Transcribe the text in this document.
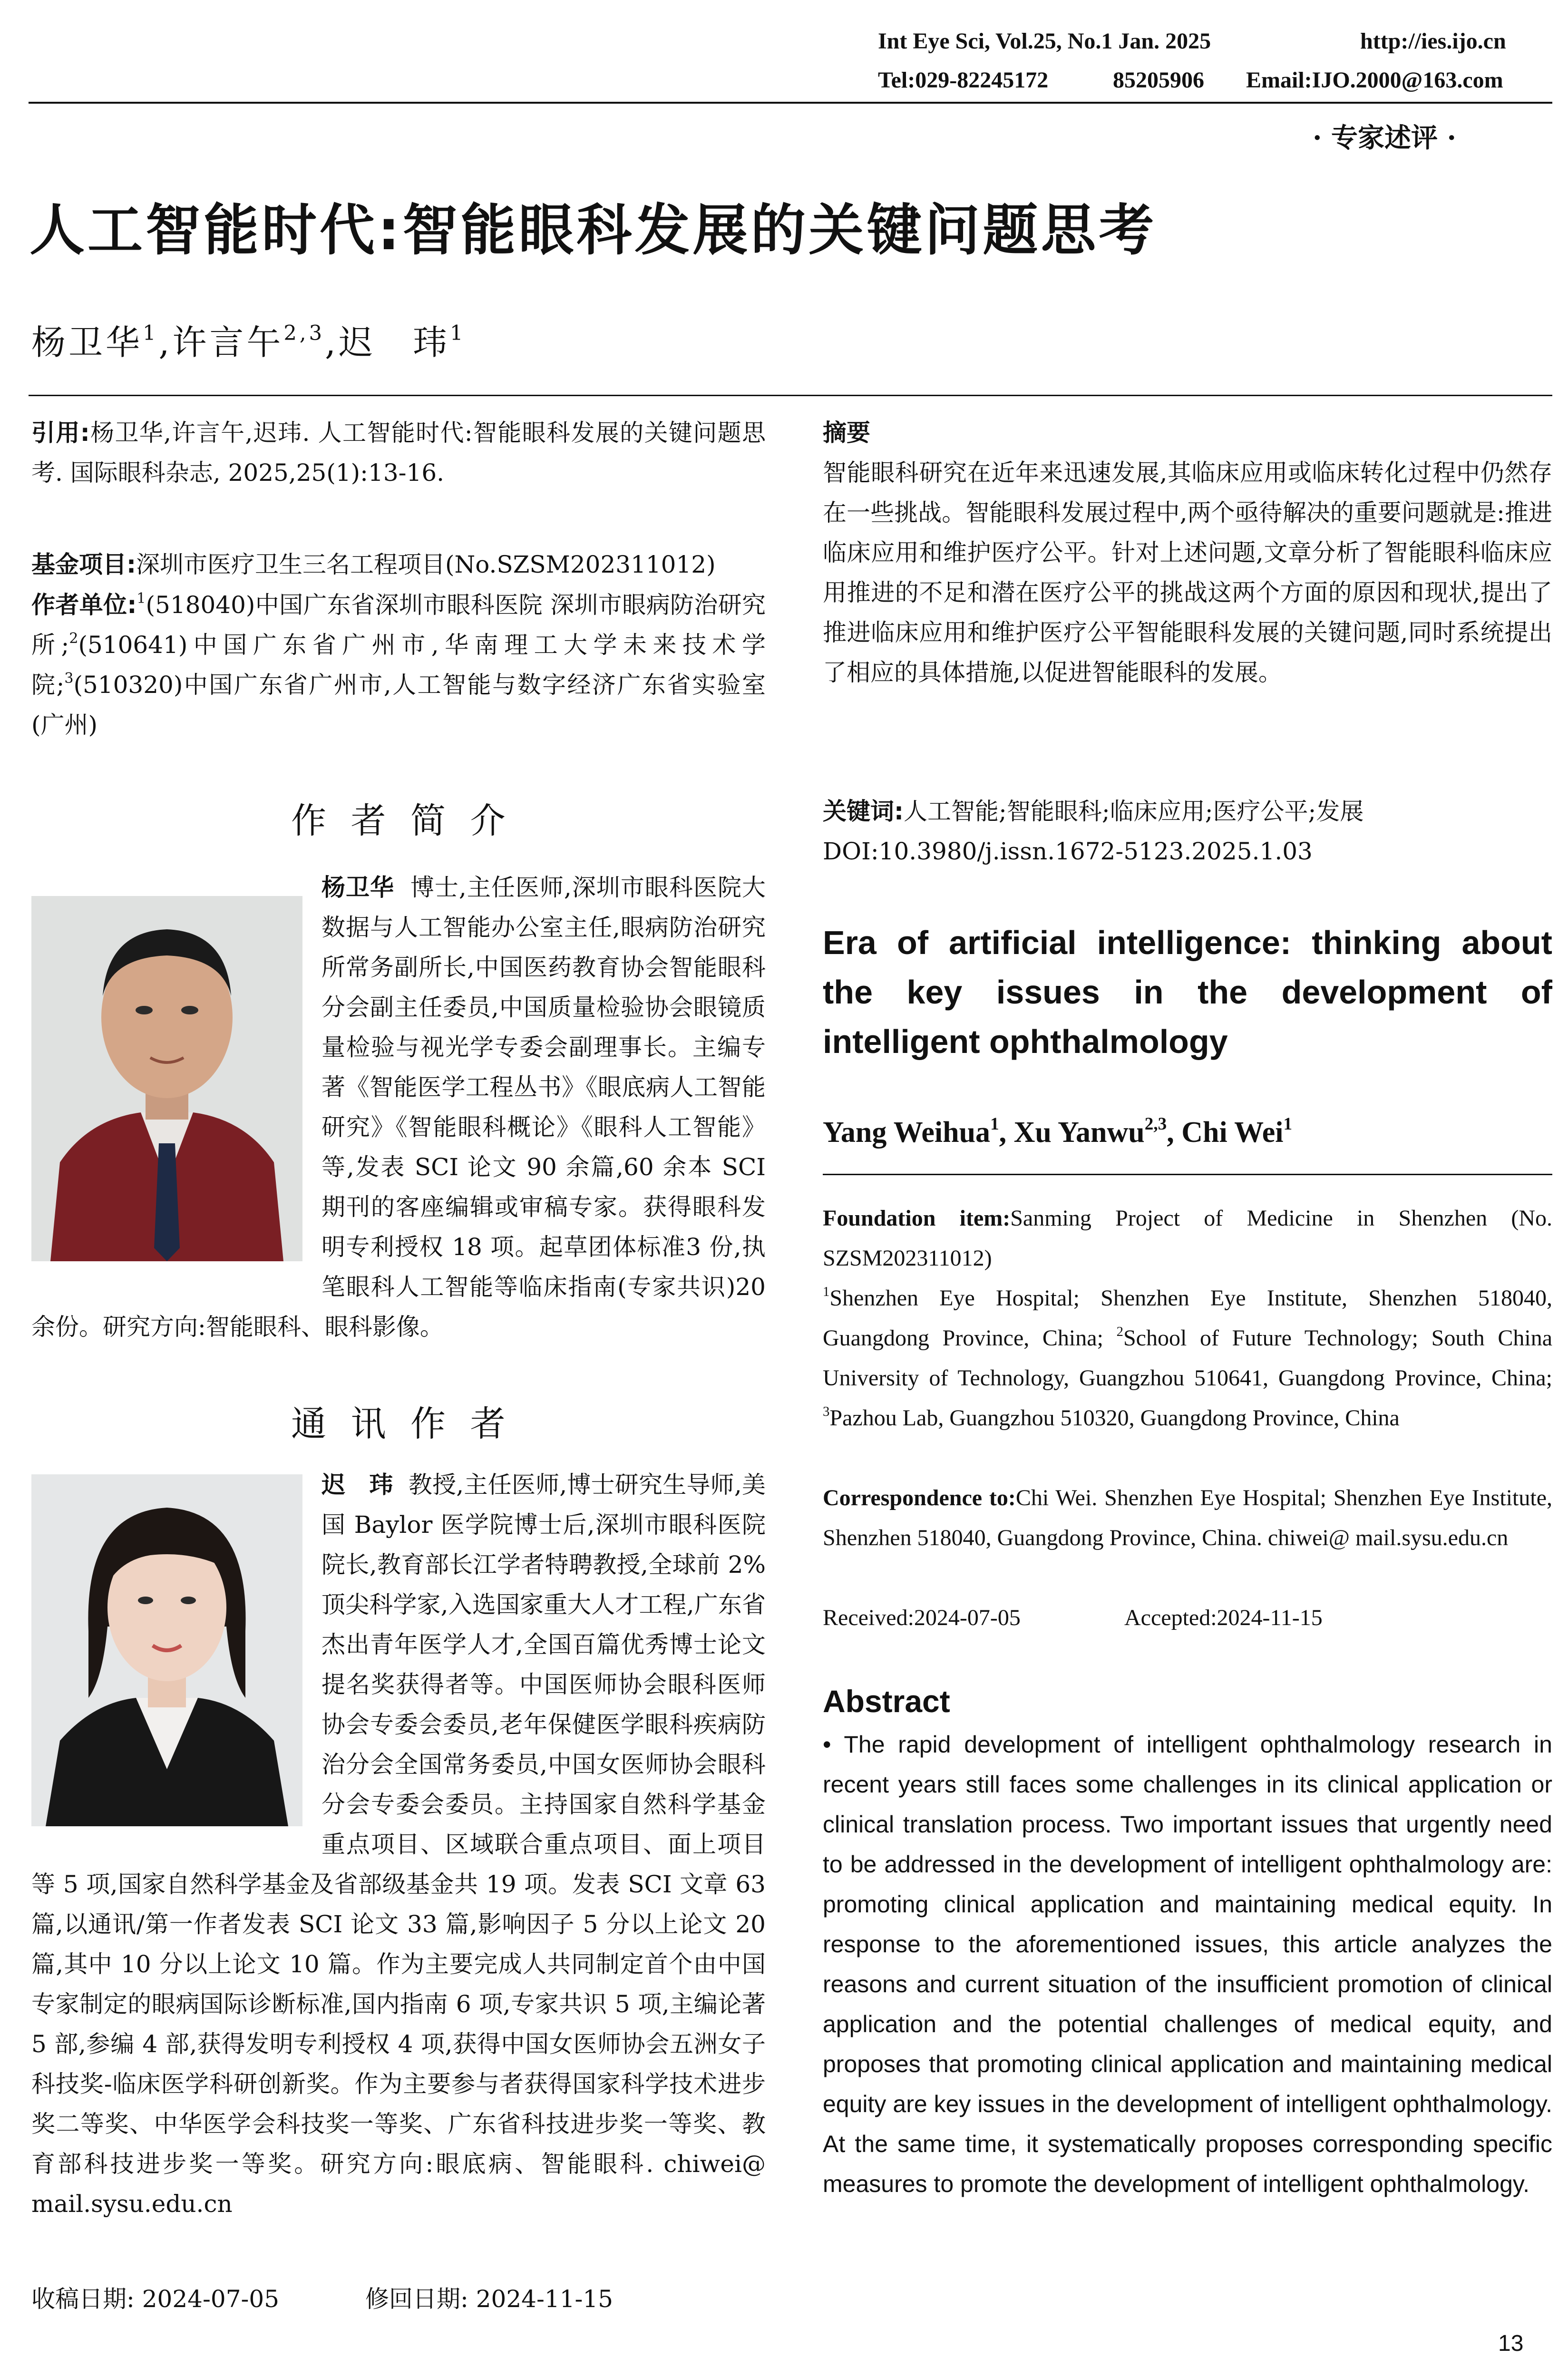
Int Eye Sci, Vol.25, No.1 Jan. 2025	http://ies.ijo.cn
Tel:029-82245172	85205906 Email:IJO.2000@163.com
· 专家述评 ·
人工智能时代:智能眼科发展的关键问题思考
杨卫华$^1$,许言午$^{2,3}$,迟　玮$^1$
引用:杨卫华,许言午,迟玮. 人工智能时代:智能眼科发展的关键问题思考. 国际眼科杂志, 2025,25(1):13-16.
基金项目:深圳市医疗卫生三名工程项目(No.SZSM202311012)
作者单位:$^1$(518040)中国广东省深圳市眼科医院 深圳市眼病防治研究所;$^2$(510641)中国广东省广州市,华南理工大学未来技术学院;$^3$(510320)中国广东省广州市,人工智能与数字经济广东省实验室(广州)
作 者 简 介
杨卫华 博士,主任医师,深圳市眼科医院大数据与人工智能办公室主任,眼病防治研究所常务副所长,中国医药教育协会智能眼科分会副主任委员,中国质量检验协会眼镜质量检验与视光学专委会副理事长。主编专著《智能医学工程丛书》《眼底病人工智能研究》《智能眼科概论》《眼科人工智能》等,发表 SCI 论文 90 余篇,60 余本 SCI 期刊的客座编辑或审稿专家。获得眼科发明专利授权 18 项。起草团体标准3 份,执笔眼科人工智能等临床指南(专家共识)20 余份。研究方向:智能眼科、眼科影像。
通 讯 作 者
迟　玮 教授,主任医师,博士研究生导师,美国 Baylor 医学院博士后,深圳市眼科医院院长,教育部长江学者特聘教授,全球前 2%顶尖科学家,入选国家重大人才工程,广东省杰出青年医学人才,全国百篇优秀博士论文提名奖获得者等。中国医师协会眼科医师协会专委会委员,老年保健医学眼科疾病防治分会全国常务委员,中国女医师协会眼科分会专委会委员。主持国家自然科学基金重点项目、区域联合重点项目、面上项目等 5 项,国家自然科学基金及省部级基金共 19 项。发表 SCI 文章 63 篇,以通讯/第一作者发表 SCI 论文 33 篇,影响因子 5 分以上论文 20 篇,其中 10 分以上论文 10 篇。作为主要完成人共同制定首个由中国专家制定的眼病国际诊断标准,国内指南 6 项,专家共识 5 项,主编论著 5 部,参编 4 部,获得发明专利授权 4 项,获得中国女医师协会五洲女子科技奖-临床医学科研创新奖。作为主要参与者获得国家科学技术进步奖二等奖、中华医学会科技奖一等奖、广东省科技进步奖一等奖、教育部科技进步奖一等奖。研究方向:眼底病、智能眼科. chiwei@ mail.sysu.edu.cn
收稿日期: 2024-07-05	修回日期: 2024-11-15
摘要
智能眼科研究在近年来迅速发展,其临床应用或临床转化过程中仍然存在一些挑战。智能眼科发展过程中,两个亟待解决的重要问题就是:推进临床应用和维护医疗公平。针对上述问题,文章分析了智能眼科临床应用推进的不足和潜在医疗公平的挑战这两个方面的原因和现状,提出了推进临床应用和维护医疗公平智能眼科发展的关键问题,同时系统提出了相应的具体措施,以促进智能眼科的发展。
关键词:人工智能;智能眼科;临床应用;医疗公平;发展
DOI:10.3980/j.issn.1672-5123.2025.1.03
Era of artificial intelligence: thinking about the key issues in the development of intelligent ophthalmology
Yang Weihua$^1$, Xu Yanwu$^{2,3}$, Chi Wei$^1$
Foundation item:Sanming Project of Medicine in Shenzhen (No. SZSM202311012)
$^1$Shenzhen Eye Hospital; Shenzhen Eye Institute, Shenzhen 518040, Guangdong Province, China; $^2$School of Future Technology; South China University of Technology, Guangzhou 510641, Guangdong Province, China; $^3$Pazhou Lab, Guangzhou 510320, Guangdong Province, China
Correspondence to:Chi Wei. Shenzhen Eye Hospital; Shenzhen Eye Institute, Shenzhen 518040, Guangdong Province, China. chiwei@ mail.sysu.edu.cn
Received:2024-07-05	Accepted:2024-11-15
Abstract
• The rapid development of intelligent ophthalmology research in recent years still faces some challenges in its clinical application or clinical translation process. Two important issues that urgently need to be addressed in the development of intelligent ophthalmology are: promoting clinical application and maintaining medical equity. In response to the aforementioned issues, this article analyzes the reasons and current situation of the insufficient promotion of clinical application and the potential challenges of medical equity, and proposes that promoting clinical application and maintaining medical equity are key issues in the development of intelligent ophthalmology. At the same time, it systematically proposes corresponding specific measures to promote the development of intelligent ophthalmology.
13
